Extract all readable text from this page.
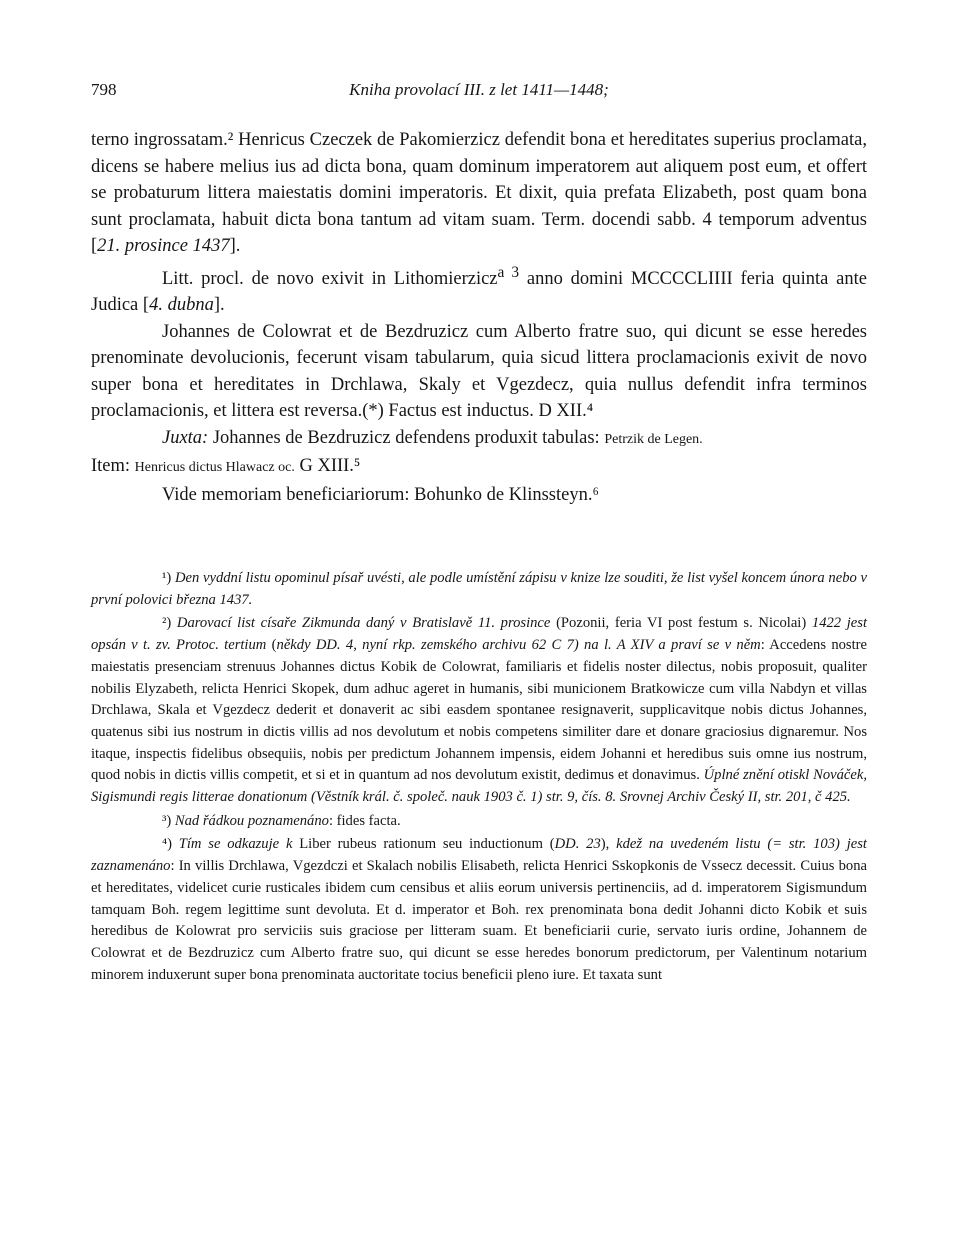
798	Kniha provolací III. z let 1411—1448;

terno ingrossatam.² Henricus Czeczek de Pakomierzicz defendit bona et hereditates superius proclamata, dicens se habere melius ius ad dicta bona, quam dominum imperatorem aut aliquem post eum, et offert se probaturum littera maiestatis domini imperatoris. Et dixit, quia prefata Elizabeth, post quam bona sunt proclamata, habuit dicta bona tantum ad vitam suam. Term. docendi sabb. 4 temporum adventus [21. prosince 1437].

Litt. procl. de novo exivit in Lithomierzicz$^{a 3}$ anno domini MCCCCLIIII feria quinta ante Judica [4. dubna].

Johannes de Colowrat et de Bezdruzicz cum Alberto fratre suo, qui dicunt se esse heredes prenominate devolucionis, fecerunt visam tabularum, quia sicud littera proclamacionis exivit de novo super bona et hereditates in Drchlawa, Skaly et Vgezdecz, quia nullus defendit infra terminos proclamacionis, et littera est reversa.(*) Factus est inductus. D XII.⁴

Juxta: Johannes de Bezdruzicz defendens produxit tabulas: Petrzik de Legen.

Item: Henricus dictus Hlawacz oc. G XIII.⁵

Vide memoriam beneficiariorum: Bohunko de Klinssteyn.⁶

¹) Den vyddní listu opominul písař uvésti, ale podle umístění zápisu v knize lze souditi, že list vyšel koncem února nebo v první polovici března 1437.

²) Darovací list císaře Zikmunda daný v Bratislavě 11. prosince (Pozonii, feria VI post festum s. Nicolai) 1422 jest opsán v t. zv. Protoc. tertium (někdy DD. 4, nyní rkp. zemského archivu 62 C 7) na l. A XIV a praví se v něm: Accedens nostre maiestatis presenciam strenuus Johannes dictus Kobik de Colowrat, familiaris et fidelis noster dilectus, nobis proposuit, qualiter nobilis Elyzabeth, relicta Henrici Skopek, dum adhuc ageret in humanis, sibi municionem Bratkowicze cum villa Nabdyn et villas Drchlawa, Skala et Vgezdecz dederit et donaverit ac sibi easdem spontanee resignaverit, supplicavitque nobis dictus Johannes, quatenus sibi ius nostrum in dictis villis ad nos devolutum et nobis competens similiter dare et donare graciosius dignaremur. Nos itaque, inspectis fidelibus obsequiis, nobis per predictum Johannem impensis, eidem Johanni et heredibus suis omne ius nostrum, quod nobis in dictis villis competit, et si et in quantum ad nos devolutum existit, dedimus et donavimus. Úplné znění otiskl Nováček, Sigismundi regis litterae donationum (Věstník král. č. společ. nauk 1903 č. 1) str. 9, čís. 8. Srovnej Archiv Český II, str. 201, č 425.

³) Nad řádkou poznamenáno: fides facta.

⁴) Tím se odkazuje k Liber rubeus rationum seu inductionum (DD. 23), kdež na uvedeném listu (= str. 103) jest zaznamenáno: In villis Drchlawa, Vgezdczi et Skalach nobilis Elisabeth, relicta Henrici Sskopkonis de Vssecz decessit. Cuius bona et hereditates, videlicet curie rusticales ibidem cum censibus et aliis eorum universis pertinenciis, ad d. imperatorem Sigismundum tamquam Boh. regem legittime sunt devoluta. Et d. imperator et Boh. rex prenominata bona dedit Johanni dicto Kobik et suis heredibus de Kolowrat pro serviciis suis graciose per litteram suam. Et beneficiarii curie, servato iuris ordine, Johannem de Colowrat et de Bezdruzicz cum Alberto fratre suo, qui dicunt se esse heredes bonorum predictorum, per Valentinum notarium minorem induxerunt super bona prenominata auctoritate tocius beneficii pleno iure. Et taxata sunt
